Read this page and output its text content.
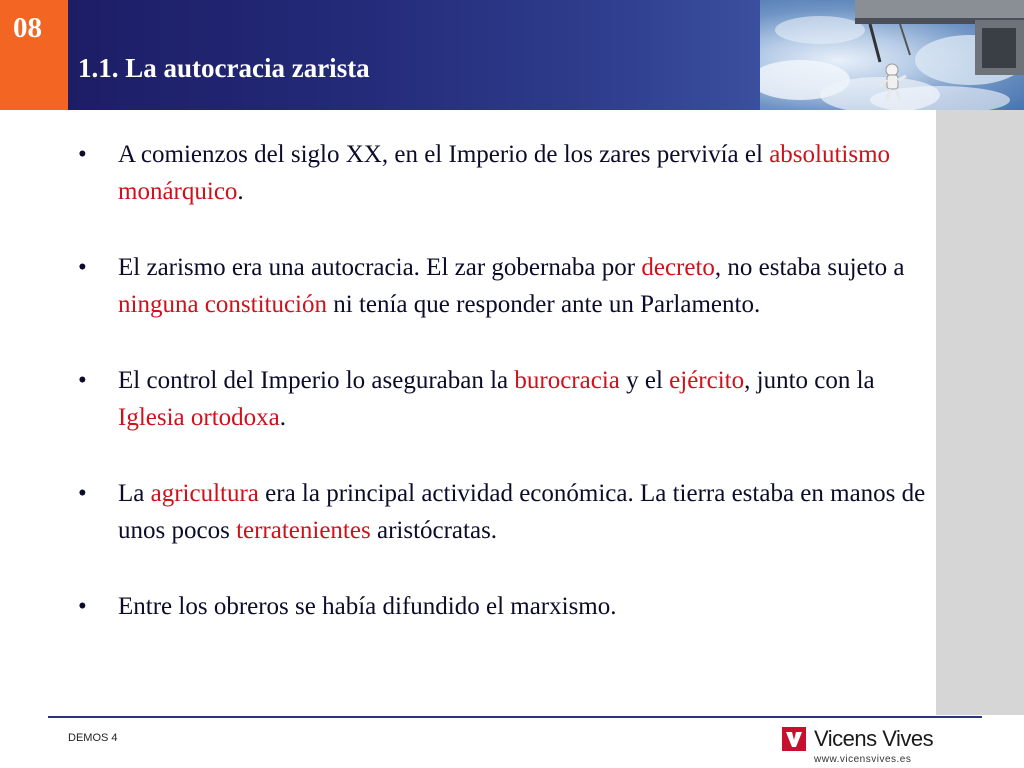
08
1.1. La autocracia zarista
• A comienzos del siglo XX, en el Imperio de los zares pervivía el absolutismo monárquico.
• El zarismo era una autocracia. El zar gobernaba por decreto, no estaba sujeto a ninguna constitución ni tenía que responder ante un Parlamento.
• El control del Imperio lo aseguraban la burocracia y el ejército, junto con la Iglesia ortodoxa.
• La agricultura era la principal actividad económica. La tierra estaba en manos de unos pocos terratenientes aristócratas.
• Entre los obreros se había difundido el marxismo.
DEMOS 4	Vicens Vives
www.vicensvives.es
